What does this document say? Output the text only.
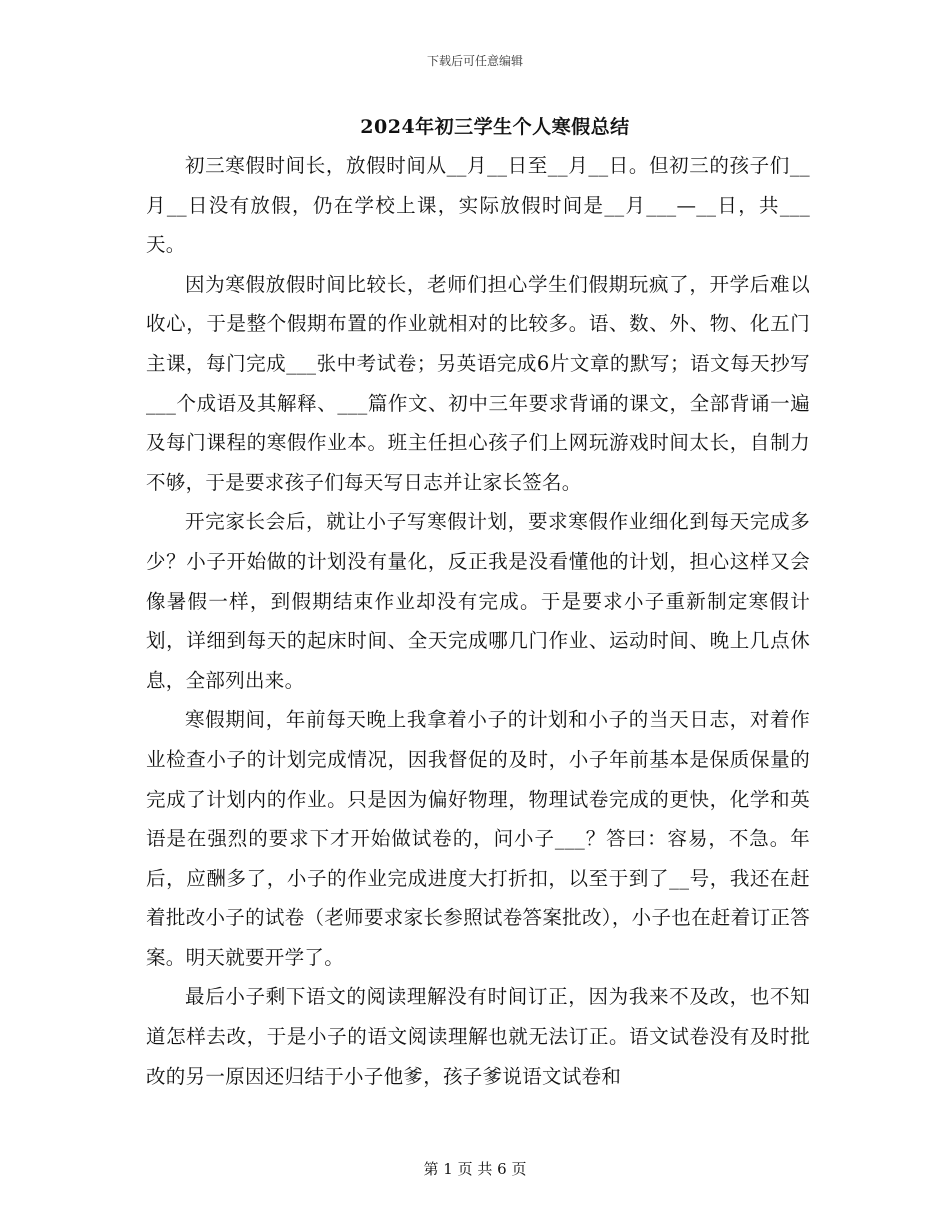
下载后可任意编辑
2024年初三学生个人寒假总结

初三寒假时间长，放假时间从__月__日至__月__日。但初三的孩子们__月__日没有放假，仍在学校上课，实际放假时间是__月___—__日，共___天。

因为寒假放假时间比较长，老师们担心学生们假期玩疯了，开学后难以收心，于是整个假期布置的作业就相对的比较多。语、数、外、物、化五门主课，每门完成___张中考试卷；另英语完成6片文章的默写；语文每天抄写___个成语及其解释、___篇作文、初中三年要求背诵的课文，全部背诵一遍及每门课程的寒假作业本。班主任担心孩子们上网玩游戏时间太长，自制力不够，于是要求孩子们每天写日志并让家长签名。

开完家长会后，就让小子写寒假计划，要求寒假作业细化到每天完成多少？小子开始做的计划没有量化，反正我是没看懂他的计划，担心这样又会像暑假一样，到假期结束作业却没有完成。于是要求小子重新制定寒假计划，详细到每天的起床时间、全天完成哪几门作业、运动时间、晚上几点休息，全部列出来。

寒假期间，年前每天晚上我拿着小子的计划和小子的当天日志，对着作业检查小子的计划完成情况，因我督促的及时，小子年前基本是保质保量的完成了计划内的作业。只是因为偏好物理，物理试卷完成的更快，化学和英语是在强烈的要求下才开始做试卷的，问小子___？答曰：容易，不急。年后，应酬多了，小子的作业完成进度大打折扣，以至于到了__号，我还在赶着批改小子的试卷（老师要求家长参照试卷答案批改），小子也在赶着订正答案。明天就要开学了。

最后小子剩下语文的阅读理解没有时间订正，因为我来不及改，也不知道怎样去改，于是小子的语文阅读理解也就无法订正。语文试卷没有及时批改的另一原因还归结于小子他爹，孩子爹说语文试卷和

第 1 页 共 6 页
